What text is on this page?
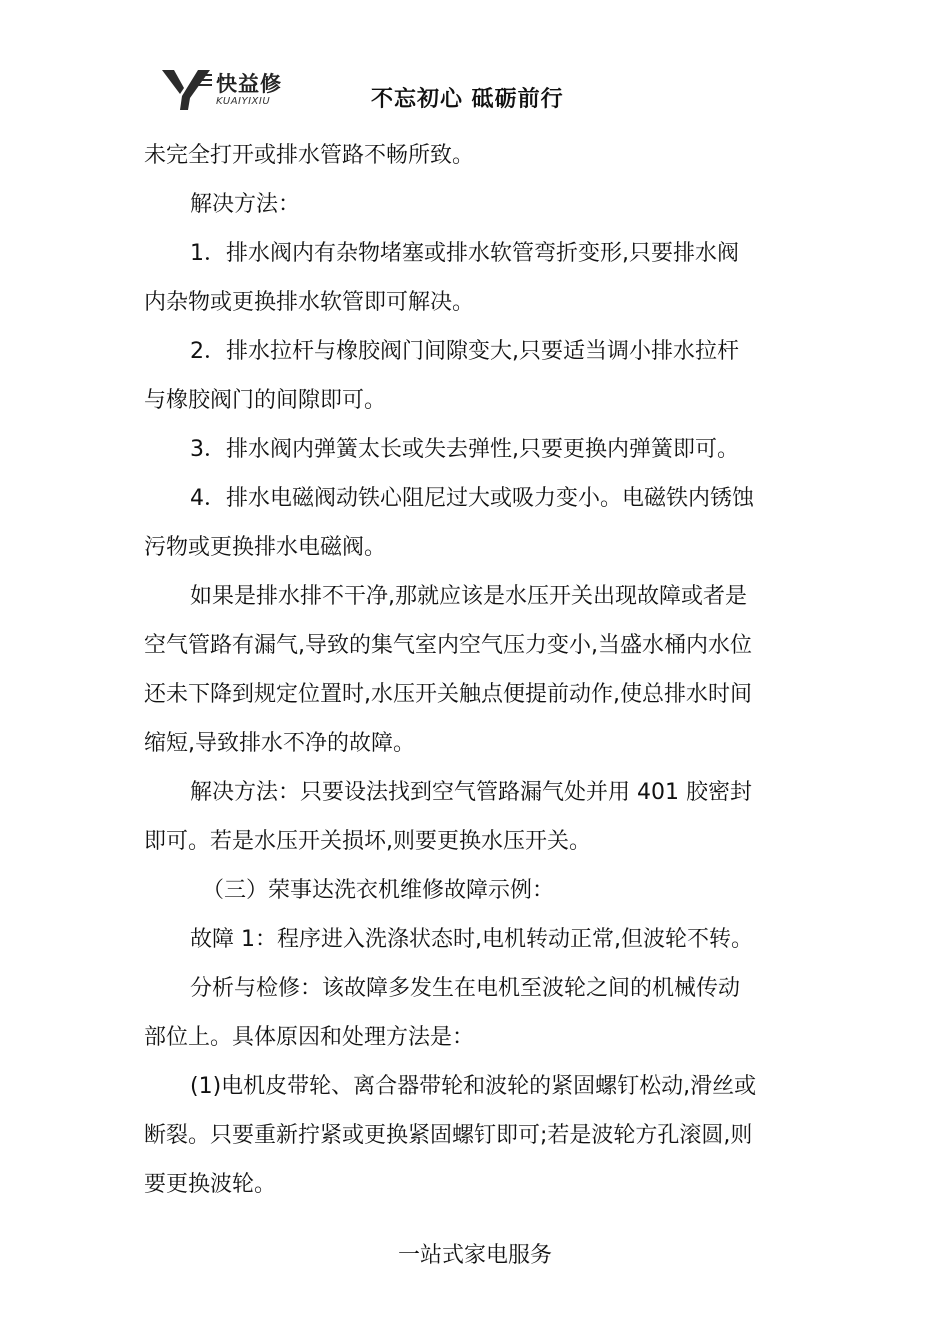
快益修
KUAIYIXIU	不忘初心 砥砺前行
未完全打开或排水管路不畅所致。
解决方法：
1．排水阀内有杂物堵塞或排水软管弯折变形,只要排水阀
内杂物或更换排水软管即可解决。
2．排水拉杆与橡胶阀门间隙变大,只要适当调小排水拉杆
与橡胶阀门的间隙即可。
3．排水阀内弹簧太长或失去弹性,只要更换内弹簧即可。
4．排水电磁阀动铁心阻尼过大或吸力变小。电磁铁内锈蚀
污物或更换排水电磁阀。
如果是排水排不干净,那就应该是水压开关出现故障或者是
空气管路有漏气,导致的集气室内空气压力变小,当盛水桶内水位
还未下降到规定位置时,水压开关触点便提前动作,使总排水时间
缩短,导致排水不净的故障。
解决方法：只要设法找到空气管路漏气处并用 401 胶密封
即可。若是水压开关损坏,则要更换水压开关。
（三）荣事达洗衣机维修故障示例：
故障 1：程序进入洗涤状态时,电机转动正常,但波轮不转。
分析与检修：该故障多发生在电机至波轮之间的机械传动
部位上。具体原因和处理方法是：
(1)电机皮带轮、离合器带轮和波轮的紧固螺钉松动,滑丝或
断裂。只要重新拧紧或更换紧固螺钉即可;若是波轮方孔滚圆,则
要更换波轮。
一站式家电服务
